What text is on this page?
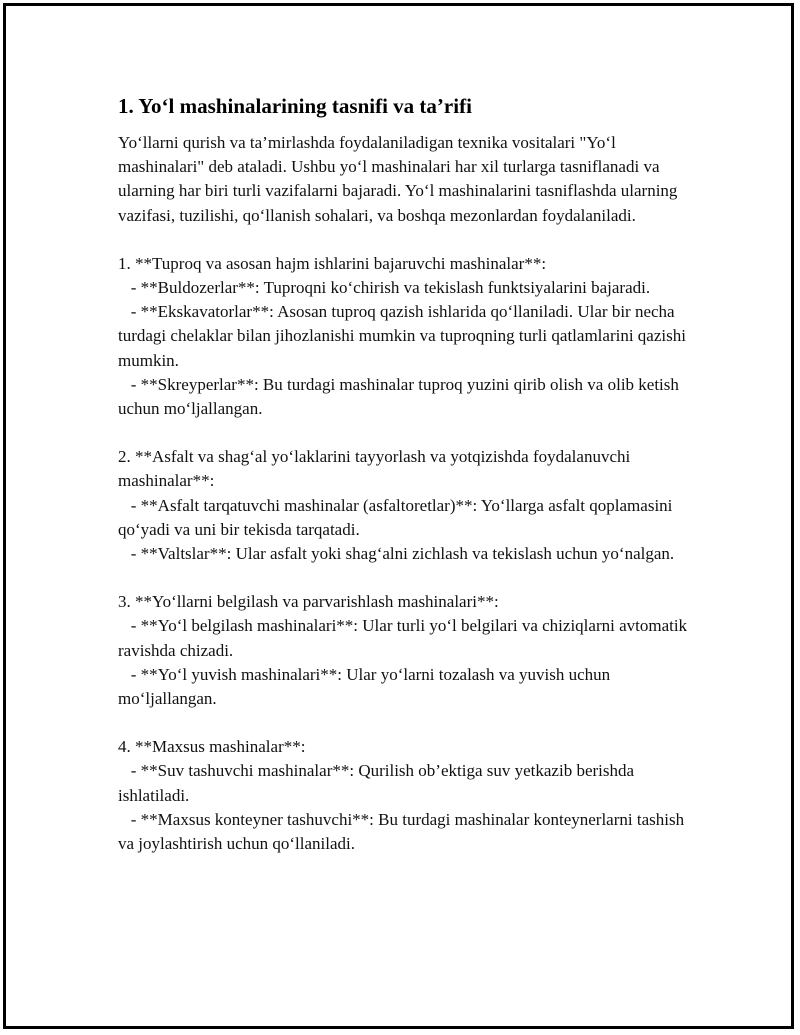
1. Yo‘l mashinalarining tasnifi va ta’rifi

Yo‘llarni qurish va ta’mirlashda foydalaniladigan texnika vositalari "Yo‘l mashinalari" deb ataladi. Ushbu yo‘l mashinalari har xil turlarga tasniflanadi va ularning har biri turli vazifalarni bajaradi. Yo‘l mashinalarini tasniflashda ularning vazifasi, tuzilishi, qo‘llanish sohalari, va boshqa mezonlardan foydalaniladi.

1. **Tuproq va asosan hajm ishlarini bajaruvchi mashinalar**:

- **Buldozerlar**: Tuproqni ko‘chirish va tekislash funktsiyalarini bajaradi.

- **Ekskavatorlar**: Asosan tuproq qazish ishlarida qo‘llaniladi. Ular bir necha turdagi chelaklar bilan jihozlanishi mumkin va tuproqning turli qatlamlarini qazishi mumkin.

- **Skreyperlar**: Bu turdagi mashinalar tuproq yuzini qirib olish va olib ketish uchun mo‘ljallangan.

2. **Asfalt va shag‘al yo‘laklarini tayyorlash va yotqizishda foydalanuvchi mashinalar**:

- **Asfalt tarqatuvchi mashinalar (asfaltoretlar)**: Yo‘llarga asfalt qoplamasini qo‘yadi va uni bir tekisda tarqatadi.

- **Valtslar**: Ular asfalt yoki shag‘alni zichlash va tekislash uchun yo‘nalgan.

3. **Yo‘llarni belgilash va parvarishlash mashinalari**:

- **Yo‘l belgilash mashinalari**: Ular turli yo‘l belgilari va chiziqlarni avtomatik ravishda chizadi.

- **Yo‘l yuvish mashinalari**: Ular yo‘larni tozalash va yuvish uchun mo‘ljallangan.

4. **Maxsus mashinalar**:

- **Suv tashuvchi mashinalar**: Qurilish ob’ektiga suv yetkazib berishda ishlatiladi.

- **Maxsus konteyner tashuvchi**: Bu turdagi mashinalar konteynerlarni tashish va joylashtirish uchun qo‘llaniladi.
